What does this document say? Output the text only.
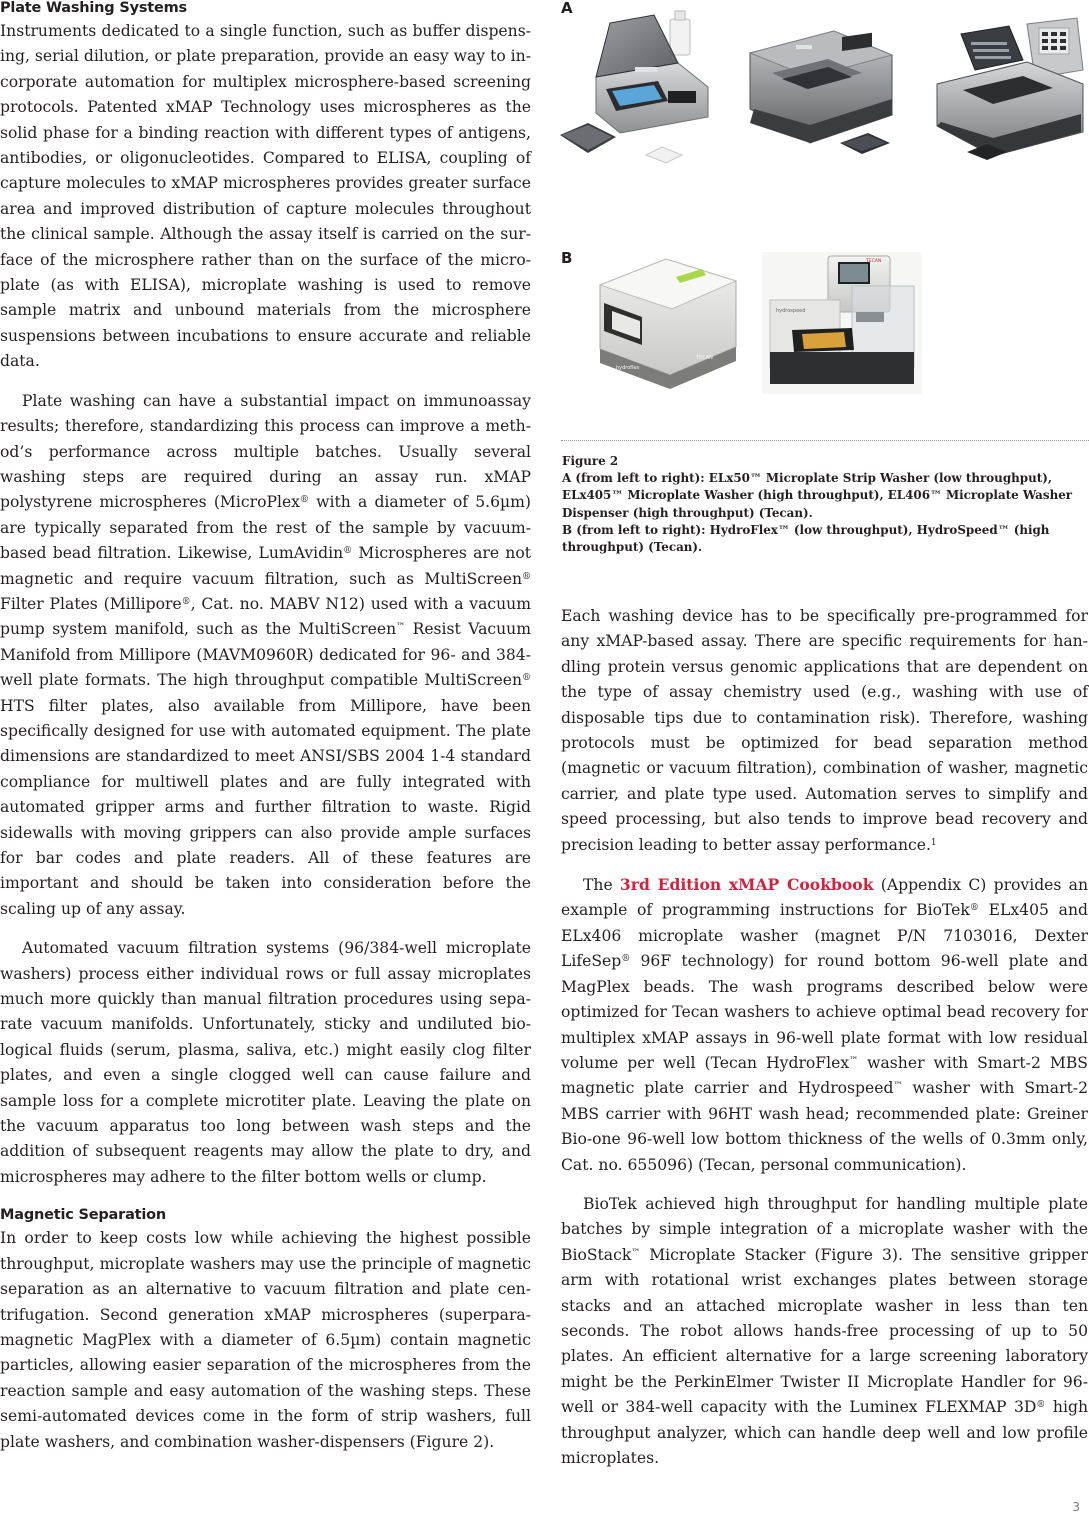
Plate Washing Systems

Instruments dedicated to a single function, such as buffer dispensing, serial dilution, or plate preparation, provide an easy way to incorporate automation for multiplex microsphere-based screening protocols. Patented xMAP Technology uses microspheres as the solid phase for a binding reaction with different types of antigens, antibodies, or oligonucleotides. Compared to ELISA, coupling of capture molecules to xMAP microspheres provides greater surface area and improved distribution of capture molecules throughout the clinical sample. Although the assay itself is carried on the surface of the microsphere rather than on the surface of the microplate (as with ELISA), microplate washing is used to remove sample matrix and unbound materials from the microsphere suspensions between incubations to ensure accurate and reliable data.

Plate washing can have a substantial impact on immunoassay results; therefore, standardizing this process can improve a method’s performance across multiple batches. Usually several washing steps are required during an assay run. xMAP polystyrene microspheres (MicroPlex® with a diameter of 5.6µm) are typically separated from the rest of the sample by vacuum-based bead filtration. Likewise, LumAvidin® Microspheres are not magnetic and require vacuum filtration, such as MultiScreen® Filter Plates (Millipore®, Cat. no. MABV N12) used with a vacuum pump system manifold, such as the MultiScreen™ Resist Vacuum Manifold from Millipore (MAVM0960R) dedicated for 96- and 384-well plate formats. The high throughput compatible MultiScreen® HTS filter plates, also available from Millipore, have been specifically designed for use with automated equipment. The plate dimensions are standardized to meet ANSI/SBS 2004 1-4 standard compliance for multiwell plates and are fully integrated with automated gripper arms and further filtration to waste. Rigid sidewalls with moving grippers can also provide ample surfaces for bar codes and plate readers. All of these features are important and should be taken into consideration before the scaling up of any assay.

Automated vacuum filtration systems (96/384-well microplate washers) process either individual rows or full assay microplates much more quickly than manual filtration procedures using separate vacuum manifolds. Unfortunately, sticky and undiluted biological fluids (serum, plasma, saliva, etc.) might easily clog filter plates, and even a single clogged well can cause failure and sample loss for a complete microtiter plate. Leaving the plate on the vacuum apparatus too long between wash steps and the addition of subsequent reagents may allow the plate to dry, and microspheres may adhere to the filter bottom wells or clump.

Magnetic Separation

In order to keep costs low while achieving the highest possible throughput, microplate washers may use the principle of magnetic separation as an alternative to vacuum filtration and plate centrifugation. Second generation xMAP microspheres (superparamagnetic MagPlex with a diameter of 6.5µm) contain magnetic particles, allowing easier separation of the microspheres from the reaction sample and easy automation of the washing steps. These semi-automated devices come in the form of strip washers, full plate washers, and combination washer-dispensers (Figure 2).

A
B
hydroflex
TECAN
hydrospeed
TECAN
Figure 2
A (from left to right): ELx50™ Microplate Strip Washer (low throughput), ELx405™ Microplate Washer (high throughput), EL406™ Microplate Washer Dispenser (high throughput) (Tecan).
B (from left to right): HydroFlex™ (low throughput), HydroSpeed™ (high throughput) (Tecan).

Each washing device has to be specifically pre-programmed for any xMAP-based assay. There are specific requirements for handling protein versus genomic applications that are dependent on the type of assay chemistry used (e.g., washing with use of disposable tips due to contamination risk). Therefore, washing protocols must be optimized for bead separation method (magnetic or vacuum filtration), combination of washer, magnetic carrier, and plate type used. Automation serves to simplify and speed processing, but also tends to improve bead recovery and precision leading to better assay performance.$^1$

The 3rd Edition xMAP Cookbook (Appendix C) provides an example of programming instructions for BioTek® ELx405 and ELx406 microplate washer (magnet P/N 7103016, Dexter LifeSep® 96F technology) for round bottom 96-well plate and MagPlex beads. The wash programs described below were optimized for Tecan washers to achieve optimal bead recovery for multiplex xMAP assays in 96-well plate format with low residual volume per well (Tecan HydroFlex™ washer with Smart-2 MBS magnetic plate carrier and Hydrospeed™ washer with Smart-2 MBS carrier with 96HT wash head; recommended plate: Greiner Bio-one 96-well low bottom thickness of the wells of 0.3mm only, Cat. no. 655096) (Tecan, personal communication).

BioTek achieved high throughput for handling multiple plate batches by simple integration of a microplate washer with the BioStack™ Microplate Stacker (Figure 3). The sensitive gripper arm with rotational wrist exchanges plates between storage stacks and an attached microplate washer in less than ten seconds. The robot allows hands-free processing of up to 50 plates. An efficient alternative for a large screening laboratory might be the PerkinElmer Twister II Microplate Handler for 96-well or 384-well capacity with the Luminex FLEXMAP 3D® high throughput analyzer, which can handle deep well and low profile microplates.

3
